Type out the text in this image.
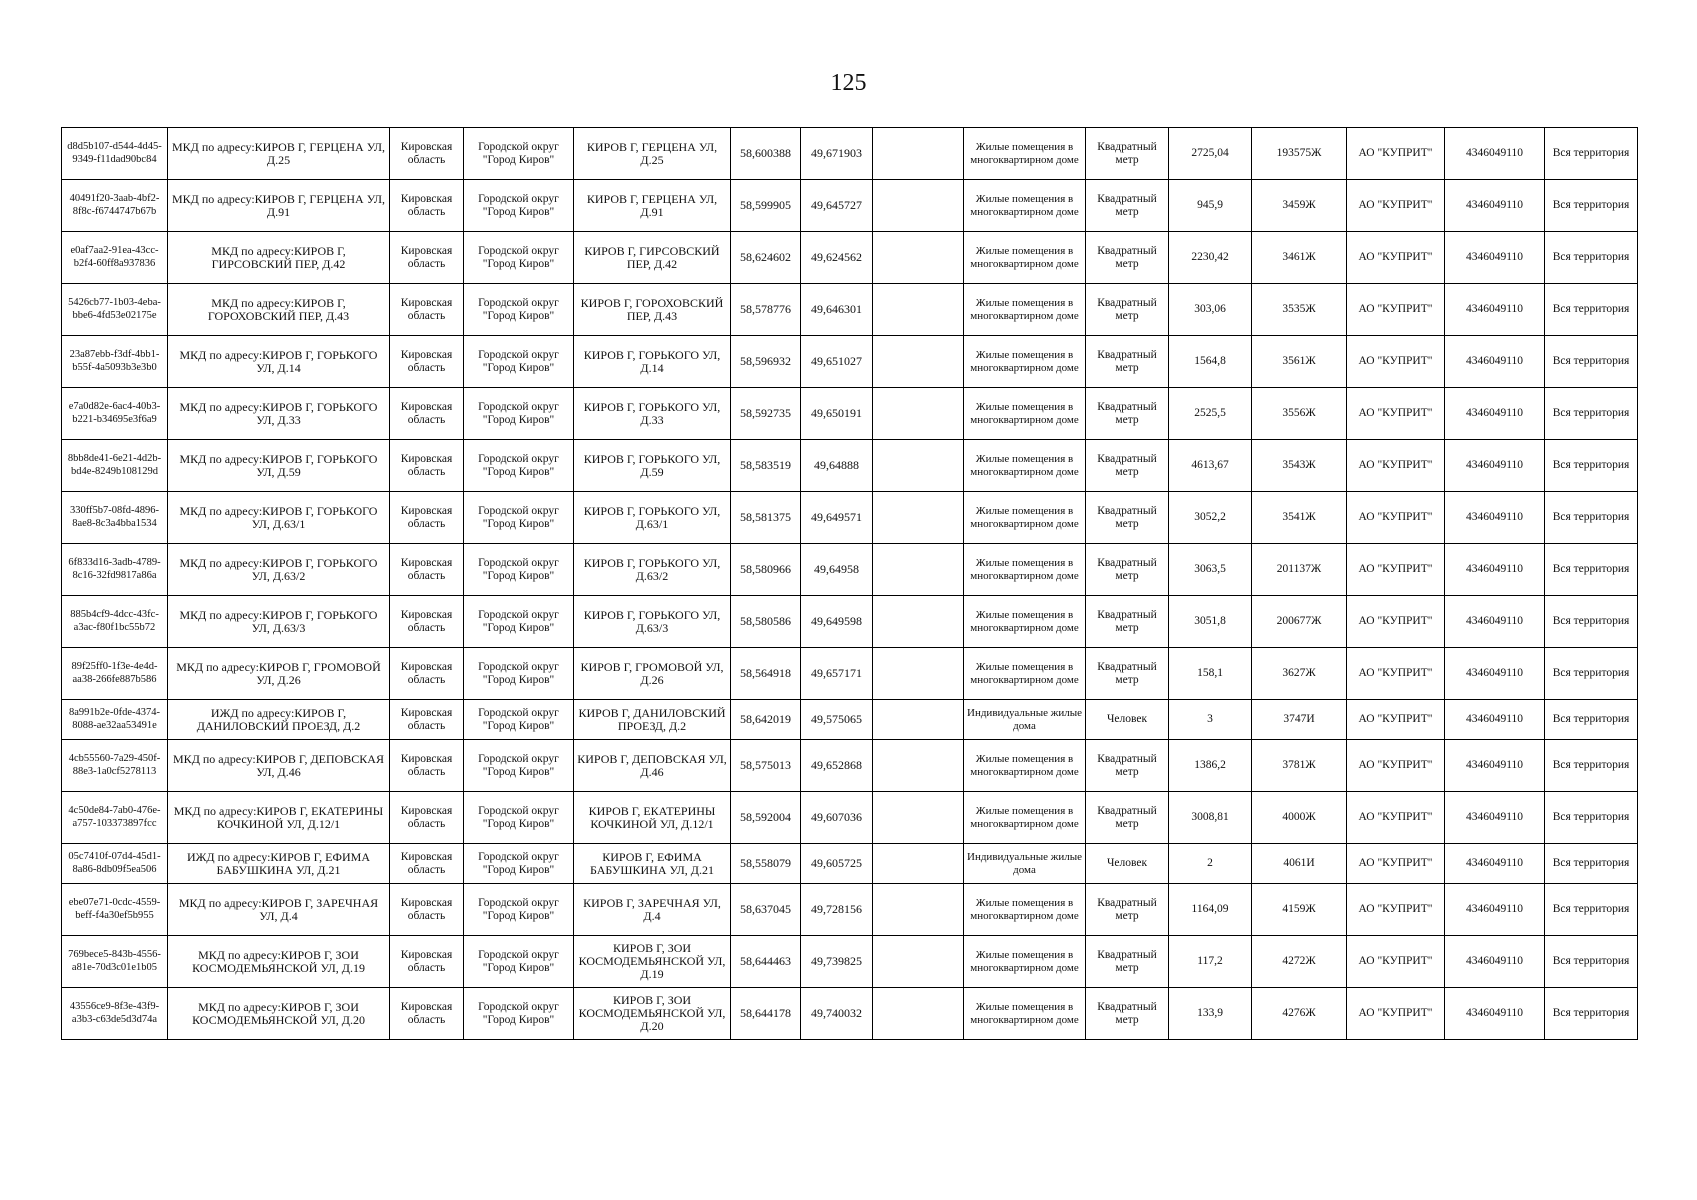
125
d8d5b107-d544-4d45-9349-f11dad90bc84	МКД по адресу:КИРОВ Г, ГЕРЦЕНА УЛ, Д.25	Кировская область	Городской округ "Город Киров"	КИРОВ Г, ГЕРЦЕНА УЛ, Д.25	58,600388	49,671903		Жилые помещения в многоквартирном доме	Квадратный метр	2725,04	193575Ж	АО "КУПРИТ"	4346049110	Вся территория
40491f20-3aab-4bf2-8f8c-f6744747b67b	МКД по адресу:КИРОВ Г, ГЕРЦЕНА УЛ, Д.91	Кировская область	Городской округ "Город Киров"	КИРОВ Г, ГЕРЦЕНА УЛ, Д.91	58,599905	49,645727		Жилые помещения в многоквартирном доме	Квадратный метр	945,9	3459Ж	АО "КУПРИТ"	4346049110	Вся территория
e0af7aa2-91ea-43cc-b2f4-60ff8a937836	МКД по адресу:КИРОВ Г, ГИРСОВСКИЙ ПЕР, Д.42	Кировская область	Городской округ "Город Киров"	КИРОВ Г, ГИРСОВСКИЙ ПЕР, Д.42	58,624602	49,624562		Жилые помещения в многоквартирном доме	Квадратный метр	2230,42	3461Ж	АО "КУПРИТ"	4346049110	Вся территория
5426cb77-1b03-4eba-bbe6-4fd53e02175e	МКД по адресу:КИРОВ Г, ГОРОХОВСКИЙ ПЕР, Д.43	Кировская область	Городской округ "Город Киров"	КИРОВ Г, ГОРОХОВСКИЙ ПЕР, Д.43	58,578776	49,646301		Жилые помещения в многоквартирном доме	Квадратный метр	303,06	3535Ж	АО "КУПРИТ"	4346049110	Вся территория
23a87ebb-f3df-4bb1-b55f-4a5093b3e3b0	МКД по адресу:КИРОВ Г, ГОРЬКОГО УЛ, Д.14	Кировская область	Городской округ "Город Киров"	КИРОВ Г, ГОРЬКОГО УЛ, Д.14	58,596932	49,651027		Жилые помещения в многоквартирном доме	Квадратный метр	1564,8	3561Ж	АО "КУПРИТ"	4346049110	Вся территория
e7a0d82e-6ac4-40b3-b221-b34695e3f6a9	МКД по адресу:КИРОВ Г, ГОРЬКОГО УЛ, Д.33	Кировская область	Городской округ "Город Киров"	КИРОВ Г, ГОРЬКОГО УЛ, Д.33	58,592735	49,650191		Жилые помещения в многоквартирном доме	Квадратный метр	2525,5	3556Ж	АО "КУПРИТ"	4346049110	Вся территория
8bb8de41-6e21-4d2b-bd4e-8249b108129d	МКД по адресу:КИРОВ Г, ГОРЬКОГО УЛ, Д.59	Кировская область	Городской округ "Город Киров"	КИРОВ Г, ГОРЬКОГО УЛ, Д.59	58,583519	49,64888		Жилые помещения в многоквартирном доме	Квадратный метр	4613,67	3543Ж	АО "КУПРИТ"	4346049110	Вся территория
330ff5b7-08fd-4896-8ae8-8c3a4bba1534	МКД по адресу:КИРОВ Г, ГОРЬКОГО УЛ, Д.63/1	Кировская область	Городской округ "Город Киров"	КИРОВ Г, ГОРЬКОГО УЛ, Д.63/1	58,581375	49,649571		Жилые помещения в многоквартирном доме	Квадратный метр	3052,2	3541Ж	АО "КУПРИТ"	4346049110	Вся территория
6f833d16-3adb-4789-8c16-32fd9817a86a	МКД по адресу:КИРОВ Г, ГОРЬКОГО УЛ, Д.63/2	Кировская область	Городской округ "Город Киров"	КИРОВ Г, ГОРЬКОГО УЛ, Д.63/2	58,580966	49,64958		Жилые помещения в многоквартирном доме	Квадратный метр	3063,5	201137Ж	АО "КУПРИТ"	4346049110	Вся территория
885b4cf9-4dcc-43fc-a3ac-f80f1bc55b72	МКД по адресу:КИРОВ Г, ГОРЬКОГО УЛ, Д.63/3	Кировская область	Городской округ "Город Киров"	КИРОВ Г, ГОРЬКОГО УЛ, Д.63/3	58,580586	49,649598		Жилые помещения в многоквартирном доме	Квадратный метр	3051,8	200677Ж	АО "КУПРИТ"	4346049110	Вся территория
89f25ff0-1f3e-4e4d-aa38-266fe887b586	МКД по адресу:КИРОВ Г, ГРОМОВОЙ УЛ, Д.26	Кировская область	Городской округ "Город Киров"	КИРОВ Г, ГРОМОВОЙ УЛ, Д.26	58,564918	49,657171		Жилые помещения в многоквартирном доме	Квадратный метр	158,1	3627Ж	АО "КУПРИТ"	4346049110	Вся территория
8a991b2e-0fde-4374-8088-ae32aa53491e	ИЖД по адресу:КИРОВ Г, ДАНИЛОВСКИЙ ПРОЕЗД, Д.2	Кировская область	Городской округ "Город Киров"	КИРОВ Г, ДАНИЛОВСКИЙ ПРОЕЗД, Д.2	58,642019	49,575065		Индивидуальные жилые дома	Человек	3	3747И	АО "КУПРИТ"	4346049110	Вся территория
4cb55560-7a29-450f-88e3-1a0cf5278113	МКД по адресу:КИРОВ Г, ДЕПОВСКАЯ УЛ, Д.46	Кировская область	Городской округ "Город Киров"	КИРОВ Г, ДЕПОВСКАЯ УЛ, Д.46	58,575013	49,652868		Жилые помещения в многоквартирном доме	Квадратный метр	1386,2	3781Ж	АО "КУПРИТ"	4346049110	Вся территория
4c50de84-7ab0-476e-a757-103373897fcc	МКД по адресу:КИРОВ Г, ЕКАТЕРИНЫ КОЧКИНОЙ УЛ, Д.12/1	Кировская область	Городской округ "Город Киров"	КИРОВ Г, ЕКАТЕРИНЫ КОЧКИНОЙ УЛ, Д.12/1	58,592004	49,607036		Жилые помещения в многоквартирном доме	Квадратный метр	3008,81	4000Ж	АО "КУПРИТ"	4346049110	Вся территория
05c7410f-07d4-45d1-8a86-8db09f5ea506	ИЖД по адресу:КИРОВ Г, ЕФИМА БАБУШКИНА УЛ, Д.21	Кировская область	Городской округ "Город Киров"	КИРОВ Г, ЕФИМА БАБУШКИНА УЛ, Д.21	58,558079	49,605725		Индивидуальные жилые дома	Человек	2	4061И	АО "КУПРИТ"	4346049110	Вся территория
ebe07e71-0cdc-4559-beff-f4a30ef5b955	МКД по адресу:КИРОВ Г, ЗАРЕЧНАЯ УЛ, Д.4	Кировская область	Городской округ "Город Киров"	КИРОВ Г, ЗАРЕЧНАЯ УЛ, Д.4	58,637045	49,728156		Жилые помещения в многоквартирном доме	Квадратный метр	1164,09	4159Ж	АО "КУПРИТ"	4346049110	Вся территория
769bece5-843b-4556-a81e-70d3c01e1b05	МКД по адресу:КИРОВ Г, ЗОИ КОСМОДЕМЬЯНСКОЙ УЛ, Д.19	Кировская область	Городской округ "Город Киров"	КИРОВ Г, ЗОИ КОСМОДЕМЬЯНСКОЙ УЛ, Д.19	58,644463	49,739825		Жилые помещения в многоквартирном доме	Квадратный метр	117,2	4272Ж	АО "КУПРИТ"	4346049110	Вся территория
43556ce9-8f3e-43f9-a3b3-c63de5d3d74a	МКД по адресу:КИРОВ Г, ЗОИ КОСМОДЕМЬЯНСКОЙ УЛ, Д.20	Кировская область	Городской округ "Город Киров"	КИРОВ Г, ЗОИ КОСМОДЕМЬЯНСКОЙ УЛ, Д.20	58,644178	49,740032		Жилые помещения в многоквартирном доме	Квадратный метр	133,9	4276Ж	АО "КУПРИТ"	4346049110	Вся территория
